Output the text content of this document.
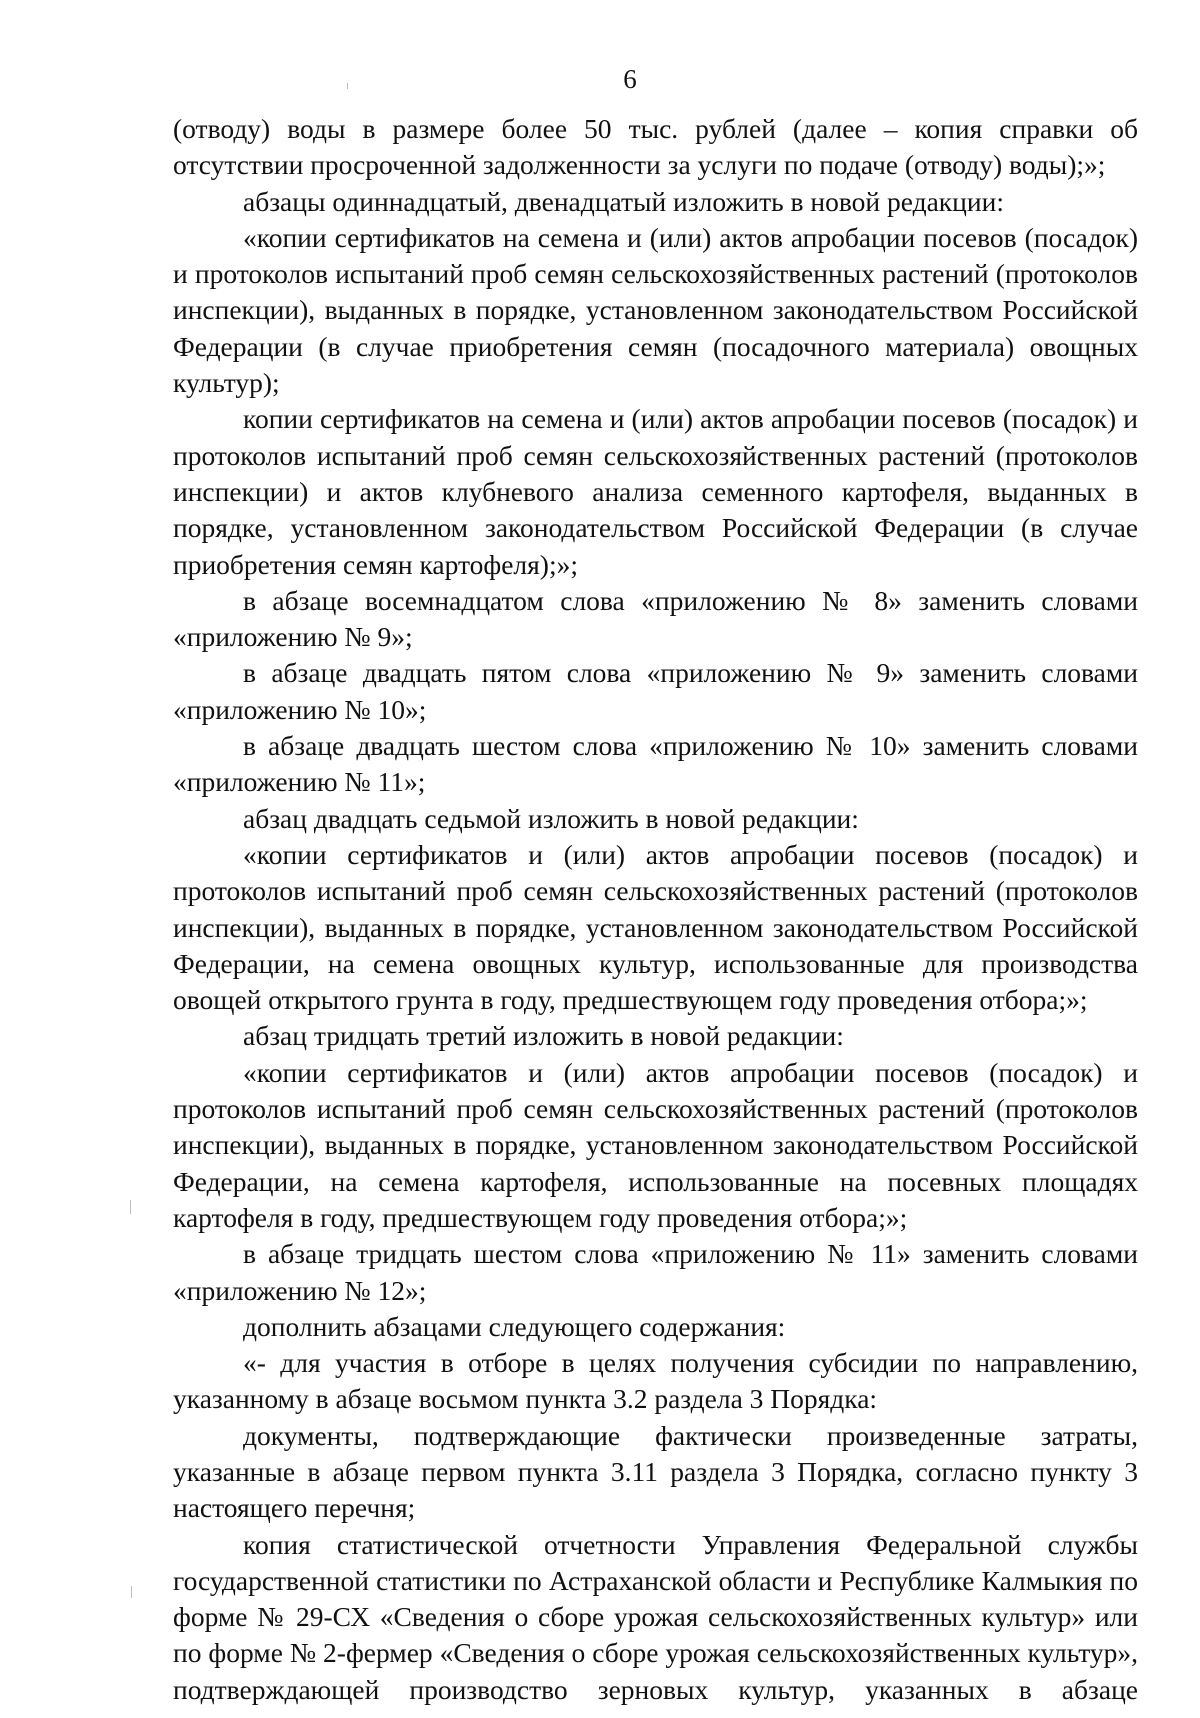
6

(отводу) воды в размере более 50 тыс. рублей (далее – копия справки об отсутствии просроченной задолженности за услуги по подаче (отводу) воды);»;

абзацы одиннадцатый, двенадцатый изложить в новой редакции:

«копии сертификатов на семена и (или) актов апробации посевов (посадок) и протоколов испытаний проб семян сельскохозяйственных растений (протоколов инспекции), выданных в порядке, установленном законодательством Российской Федерации (в случае приобретения семян (посадочного материала) овощных культур);

копии сертификатов на семена и (или) актов апробации посевов (посадок) и протоколов испытаний проб семян сельскохозяйственных растений (протоколов инспекции) и актов клубневого анализа семенного картофеля, выданных в порядке, установленном законодательством Российской Федерации (в случае приобретения семян картофеля);»;

в абзаце восемнадцатом слова «приложению № 8» заменить словами «приложению № 9»;

в абзаце двадцать пятом слова «приложению № 9» заменить словами «приложению № 10»;

в абзаце двадцать шестом слова «приложению № 10» заменить словами «приложению № 11»;

абзац двадцать седьмой изложить в новой редакции:

«копии сертификатов и (или) актов апробации посевов (посадок) и протоколов испытаний проб семян сельскохозяйственных растений (протоколов инспекции), выданных в порядке, установленном законодательством Российской Федерации, на семена овощных культур, использованные для производства овощей открытого грунта в году, предшествующем году проведения отбора;»;

абзац тридцать третий изложить в новой редакции:

«копии сертификатов и (или) актов апробации посевов (посадок) и протоколов испытаний проб семян сельскохозяйственных растений (протоколов инспекции), выданных в порядке, установленном законодательством Российской Федерации, на семена картофеля, использованные на посевных площадях картофеля в году, предшествующем году проведения отбора;»;

в абзаце тридцать шестом слова «приложению № 11» заменить словами «приложению № 12»;

дополнить абзацами следующего содержания:

«- для участия в отборе в целях получения субсидии по направлению, указанному в абзаце восьмом пункта 3.2 раздела 3 Порядка:

документы, подтверждающие фактически произведенные затраты, указанные в абзаце первом пункта 3.11 раздела 3 Порядка, согласно пункту 3 настоящего перечня;

копия статистической отчетности Управления Федеральной службы государственной статистики по Астраханской области и Республике Калмыкия по форме № 29-СХ «Сведения о сборе урожая сельскохозяйственных культур» или по форме № 2-фермер «Сведения о сборе урожая сельскохозяйственных культур», подтверждающей производство зерновых культур, указанных в абзаце
